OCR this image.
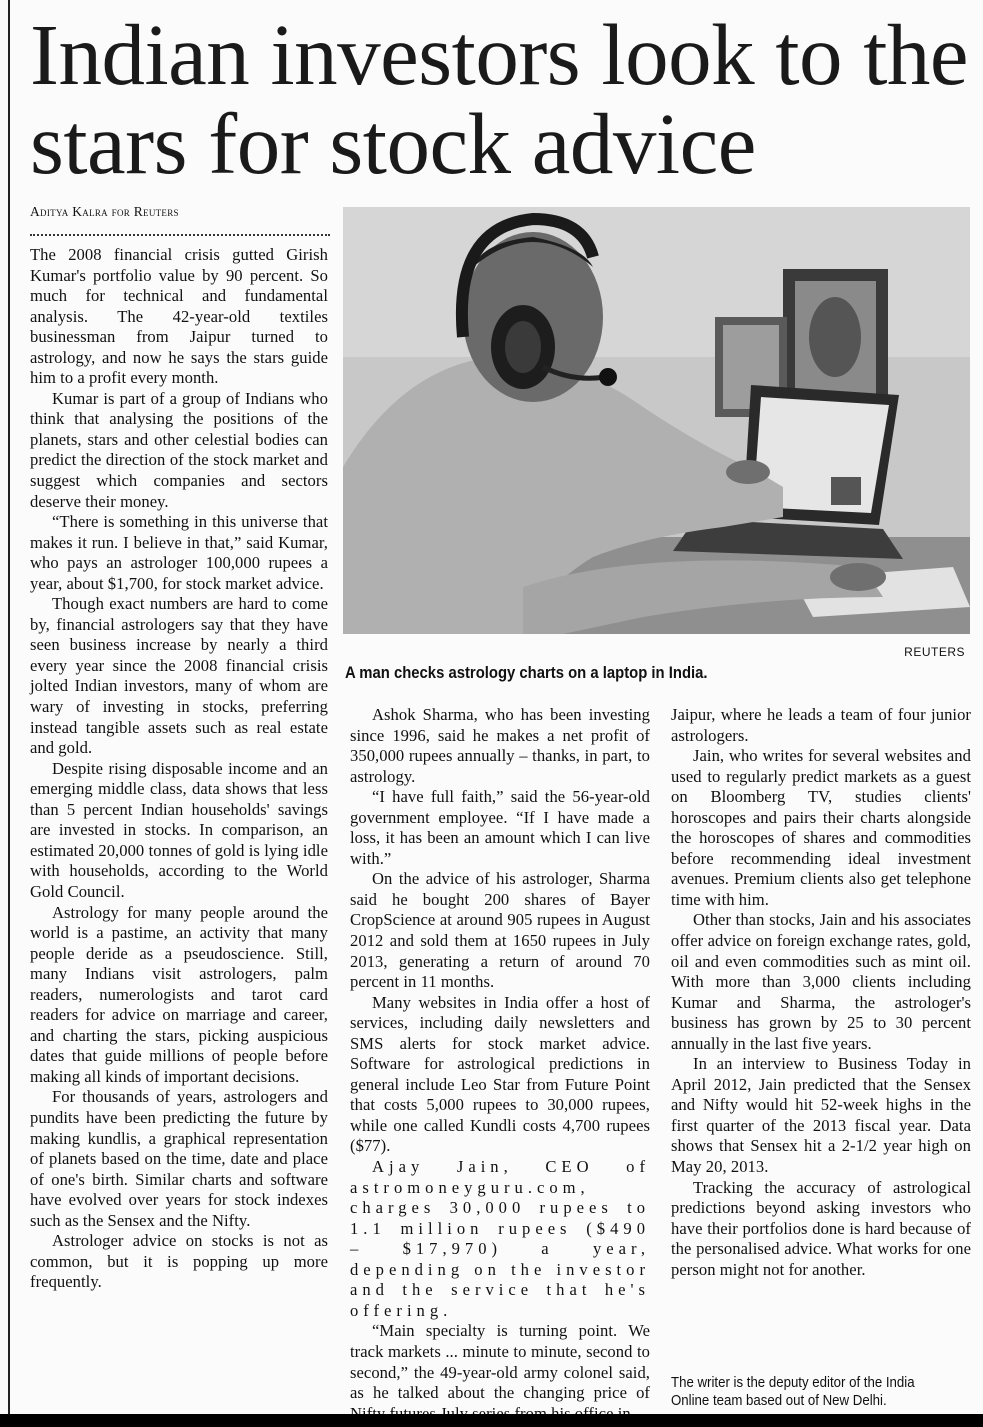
Indian investors look to the stars for stock advice
Aditya Kalra for Reuters

The 2008 financial crisis gutted Girish Kumar's portfolio value by 90 percent. So much for technical and fundamental analysis. The 42-year-old textiles businessman from Jaipur turned to astrology, and now he says the stars guide him to a profit every month.

Kumar is part of a group of Indians who think that analysing the positions of the planets, stars and other celestial bodies can predict the direction of the stock market and suggest which companies and sectors deserve their money.

“There is something in this universe that makes it run. I believe in that,” said Kumar, who pays an astrologer 100,000 rupees a year, about $1,700, for stock market advice.

Though exact numbers are hard to come by, financial astrologers say that they have seen business increase by nearly a third every year since the 2008 financial crisis jolted Indian investors, many of whom are wary of investing in stocks, preferring instead tangible assets such as real estate and gold.

Despite rising disposable income and an emerging middle class, data shows that less than 5 percent Indian households' savings are invested in stocks. In comparison, an estimated 20,000 tonnes of gold is lying idle with households, according to the World Gold Council.

Astrology for many people around the world is a pastime, an activity that many people deride as a pseudoscience. Still, many Indians visit astrologers, palm readers, numerologists and tarot card readers for advice on marriage and career, and charting the stars, picking auspicious dates that guide millions of people before making all kinds of important decisions.

For thousands of years, astrologers and pundits have been predicting the future by making kundlis, a graphical representation of planets based on the time, date and place of one's birth. Similar charts and software have evolved over years for stock indexes such as the Sensex and the Nifty.

Astrologer advice on stocks is not as common, but it is popping up more frequently.

REUTERS
A man checks astrology charts on a laptop in India.

Ashok Sharma, who has been investing since 1996, said he makes a net profit of 350,000 rupees annually – thanks, in part, to astrology.

“I have full faith,” said the 56-year-old government employee. “If I have made a loss, it has been an amount which I can live with.”

On the advice of his astrologer, Sharma said he bought 200 shares of Bayer CropScience at around 905 rupees in August 2012 and sold them at 1650 rupees in July 2013, generating a return of around 70 percent in 11 months.

Many websites in India offer a host of services, including daily newsletters and SMS alerts for stock market advice. Software for astrological predictions in general include Leo Star from Future Point that costs 5,000 rupees to 30,000 rupees, while one called Kundli costs 4,700 rupees ($77).

Ajay Jain, CEO of astromoneyguru.com, charges 30,000 rupees to 1.1 million rupees ($490 – $17,970) a year, depending on the investor and the service that he's offering.

“Main specialty is turning point. We track markets ... minute to minute, second to second,” the 49-year-old army colonel said, as he talked about the changing price of

Jaipur, where he leads a team of four junior astrologers.

Jain, who writes for several websites and used to regularly predict markets as a guest on Bloomberg TV, studies clients' horoscopes and pairs their charts alongside the horoscopes of shares and commodities before recommending ideal investment avenues. Premium clients also get telephone time with him.

Other than stocks, Jain and his associates offer advice on foreign exchange rates, gold, oil and even commodities such as mint oil. With more than 3,000 clients including Kumar and Sharma, the astrologer's business has grown by 25 to 30 percent annually in the last five years.

In an interview to Business Today in April 2012, Jain predicted that the Sensex and Nifty would hit 52-week highs in the first quarter of the 2013 fiscal year. Data shows that Sensex hit a 2-1/2 year high on May 20, 2013.

Tracking the accuracy of astrological predictions beyond asking investors who have their portfolios done is hard because of the personalised advice. What works for one person might not for another.

The writer is the deputy editor of the India Online team based out of New Delhi.
